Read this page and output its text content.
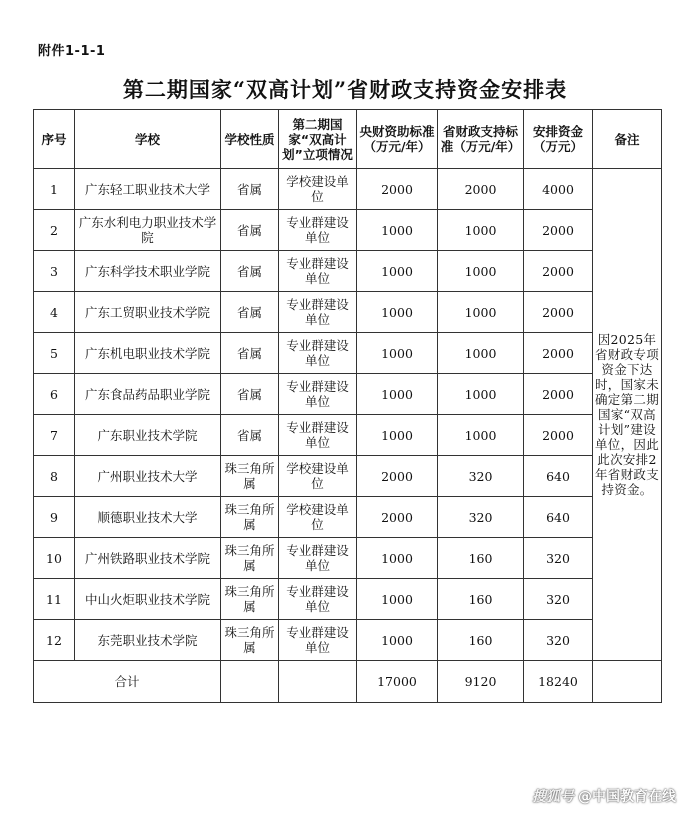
附件1-1-1
第二期国家“双高计划”省财政支持资金安排表
序号	学校	学校性质	第二期国家“双高计划”立项情况	央财资助标准（万元/年）	省财政支持标准（万元/年）	安排资金（万元）	备注
1	广东轻工职业技术大学	省属	学校建设单位	2000	2000	4000	因2025年省财政专项资金下达时，国家未确定第二期国家“双高计划”建设单位，因此此次安排2年省财政支持资金。
2	广东水利电力职业技术学院	省属	专业群建设单位	1000	1000	2000	
3	广东科学技术职业学院	省属	专业群建设单位	1000	1000	2000	
4	广东工贸职业技术学院	省属	专业群建设单位	1000	1000	2000	
5	广东机电职业技术学院	省属	专业群建设单位	1000	1000	2000	
6	广东食品药品职业学院	省属	专业群建设单位	1000	1000	2000	
7	广东职业技术学院	省属	专业群建设单位	1000	1000	2000	
8	广州职业技术大学	珠三角所属	学校建设单位	2000	320	640	
9	顺德职业技术大学	珠三角所属	学校建设单位	2000	320	640	
10	广州铁路职业技术学院	珠三角所属	专业群建设单位	1000	160	320	
11	中山火炬职业技术学院	珠三角所属	专业群建设单位	1000	160	320	
12	东莞职业技术学院	珠三角所属	专业群建设单位	1000	160	320	
合计				17000	9120	18240	
搜狐号 @中国教育在线
